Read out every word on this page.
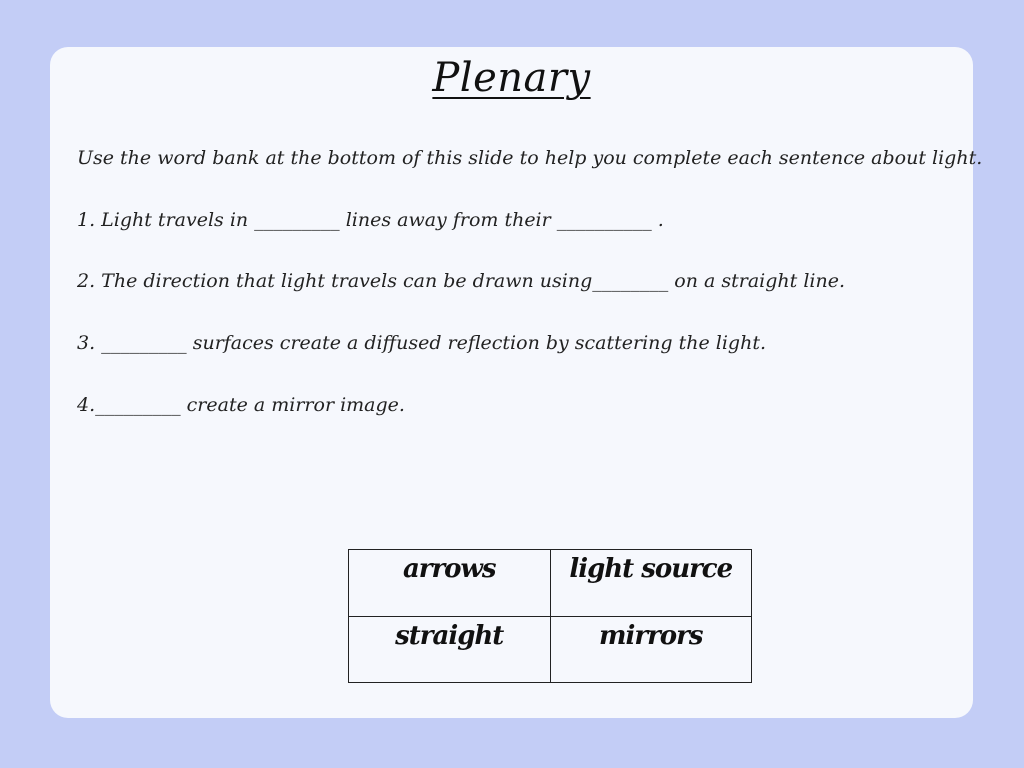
Plenary

Use the word bank at the bottom of this slide to help you complete each sentence about light.

1. Light travels in _________ lines away from their __________ .

2. The direction that light travels can be drawn using________ on a straight line.

3. _________ surfaces create a diffused reflection by scattering the light.

4._________ create a mirror image.

arrows	light source
straight	mirrors
